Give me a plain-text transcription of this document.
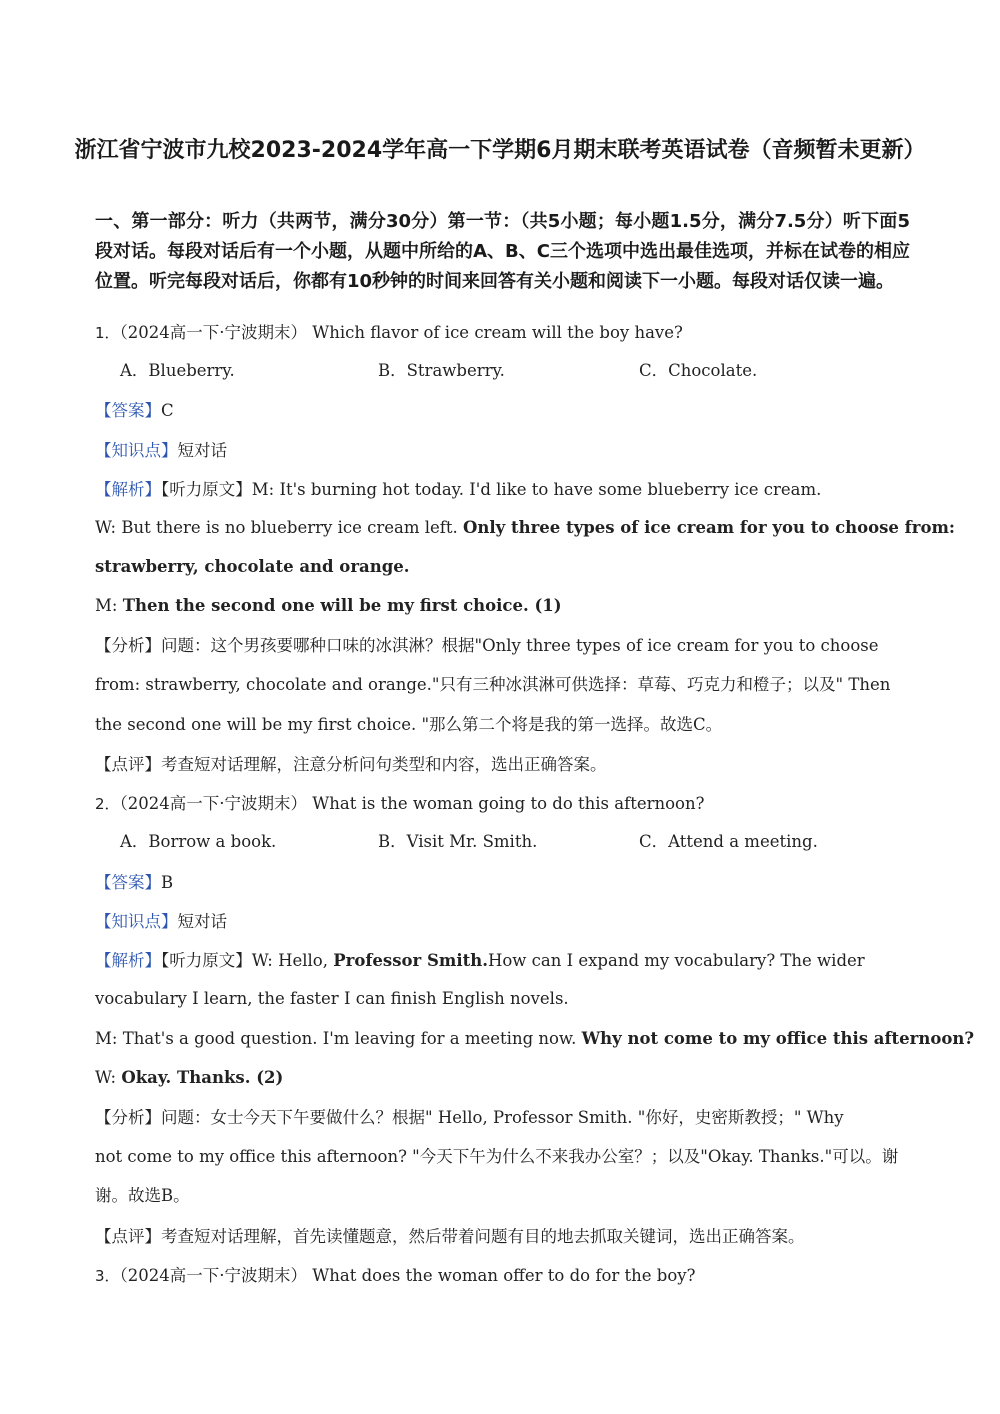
浙江省宁波市九校2023-2024学年高一下学期6月期末联考英语试卷（音频暂未更新）
一、第一部分：听力（共两节，满分30分）第一节：（共5小题；每小题1.5分，满分7.5分）听下面5段对话。每段对话后有一个小题，从题中所给的A、B、C三个选项中选出最佳选项，并标在试卷的相应位置。听完每段对话后，你都有10秒钟的时间来回答有关小题和阅读下一小题。每段对话仅读一遍。
1．（2024高一下·宁波期末） Which flavor of ice cream will the boy have?
A．Blueberry.	B．Strawberry.	C．Chocolate.
【答案】C
【知识点】短对话
【解析】【听力原文】M: It's burning hot today. I'd like to have some blueberry ice cream.
W: But there is no blueberry ice cream left. Only three types of ice cream for you to choose from:
strawberry, chocolate and orange.
M: Then the second one will be my first choice. (1)
【分析】问题：这个男孩要哪种口味的冰淇淋？根据"Only three types of ice cream for you to choose
from: strawberry, chocolate and orange."只有三种冰淇淋可供选择：草莓、巧克力和橙子；以及" Then
the second one will be my first choice. "那么第二个将是我的第一选择。故选C。
【点评】考查短对话理解，注意分析问句类型和内容，选出正确答案。
2．（2024高一下·宁波期末） What is the woman going to do this afternoon?
A．Borrow a book.	B．Visit Mr. Smith.	C．Attend a meeting.
【答案】B
【知识点】短对话
【解析】【听力原文】W: Hello, Professor Smith.How can I expand my vocabulary? The wider
vocabulary I learn, the faster I can finish English novels.
M: That's a good question. I'm leaving for a meeting now. Why not come to my office this afternoon?
W: Okay. Thanks. (2)
【分析】问题：女士今天下午要做什么？根据" Hello, Professor Smith. "你好，史密斯教授；" Why
not come to my office this afternoon? "今天下午为什么不来我办公室？；以及"Okay. Thanks."可以。谢
谢。故选B。
【点评】考查短对话理解，首先读懂题意，然后带着问题有目的地去抓取关键词，选出正确答案。
3．（2024高一下·宁波期末） What does the woman offer to do for the boy?
